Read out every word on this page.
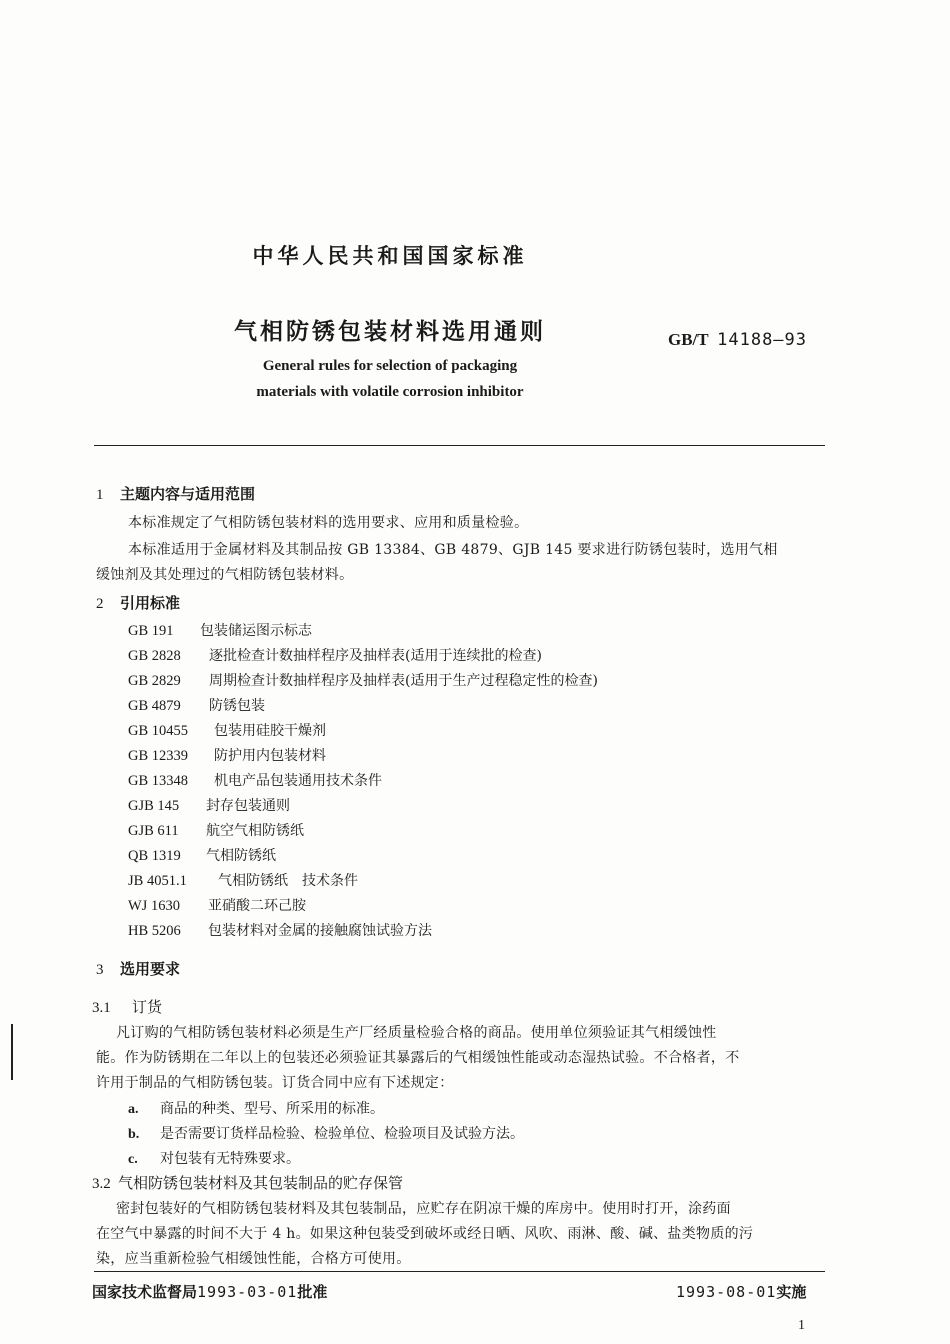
中华人民共和国国家标准
气相防锈包装材料选用通则	GB/T 14188—93
General rules for selection of packaging
materials with volatile corrosion inhibitor
1 主题内容与适用范围
本标准规定了气相防锈包装材料的选用要求、应用和质量检验。
本标准适用于金属材料及其制品按 GB 13384、GB 4879、GJB 145 要求进行防锈包装时，选用气相
缓蚀剂及其处理过的气相防锈包装材料。
2 引用标准
GB 191 包装储运图示标志
GB 2828 逐批检查计数抽样程序及抽样表(适用于连续批的检查)
GB 2829 周期检查计数抽样程序及抽样表(适用于生产过程稳定性的检查)
GB 4879 防锈包装
GB 10455 包装用硅胶干燥剂
GB 12339 防护用内包装材料
GB 13348 机电产品包装通用技术条件
GJB 145 封存包装通则
GJB 611 航空气相防锈纸
QB 1319 气相防锈纸
JB 4051.1 气相防锈纸　技术条件
WJ 1630 亚硝酸二环己胺
HB 5206 包装材料对金属的接触腐蚀试验方法
3 选用要求
3.1 订货
凡订购的气相防锈包装材料必须是生产厂经质量检验合格的商品。使用单位须验证其气相缓蚀性
能。作为防锈期在二年以上的包装还必须验证其暴露后的气相缓蚀性能或动态湿热试验。不合格者，不
许用于制品的气相防锈包装。订货合同中应有下述规定：
a. 商品的种类、型号、所采用的标准。
b. 是否需要订货样品检验、检验单位、检验项目及试验方法。
c. 对包装有无特殊要求。
3.2 气相防锈包装材料及其包装制品的贮存保管
密封包装好的气相防锈包装材料及其包装制品，应贮存在阴凉干燥的库房中。使用时打开，涂药面
在空气中暴露的时间不大于 4 h。如果这种包装受到破坏或经日晒、风吹、雨淋、酸、碱、盐类物质的污
染，应当重新检验气相缓蚀性能，合格方可使用。
国家技术监督局1993-03-01批准	1993-08-01实施
1
